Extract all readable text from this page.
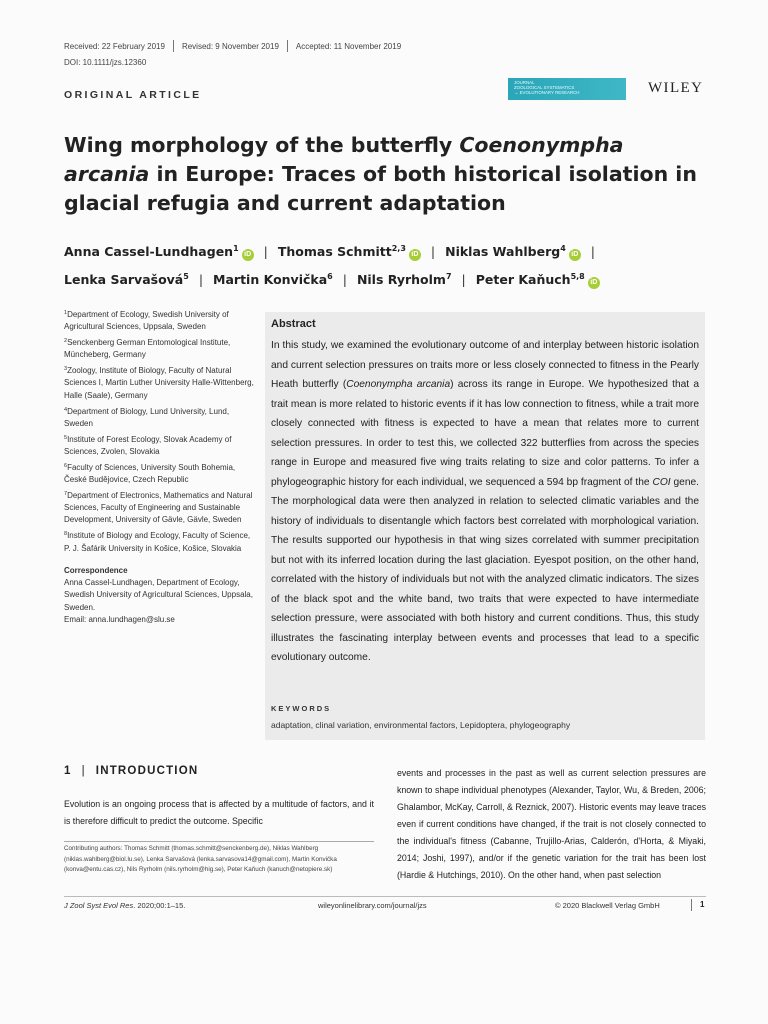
Received: 22 February 2019 Revised: 9 November 2019 Accepted: 11 November 2019
DOI: 10.1111/jzs.12360
ORIGINAL ARTICLE
JOURNAL
ZOOLOGICAL SYSTEMATICS
→ EVOLUTIONARY RESEARCH	WILEY
Wing morphology of the butterfly Coenonympha arcania in Europe: Traces of both historical isolation in glacial refugia and current adaptation
Anna Cassel-Lundhagen$^1$iD | Thomas Schmitt$^{2,3}$iD | Niklas Wahlberg$^4$iD |
Lenka Sarvašová$^5$ | Martin Konvička$^6$ | Nils Ryrholm$^7$ | Peter Kaňuch$^{5,8}$iD
$^1$Department of Ecology, Swedish University of Agricultural Sciences, Uppsala, Sweden
$^2$Senckenberg German Entomological Institute, Müncheberg, Germany
$^3$Zoology, Institute of Biology, Faculty of Natural Sciences I, Martin Luther University Halle-Wittenberg, Halle (Saale), Germany
$^4$Department of Biology, Lund University, Lund, Sweden
$^5$Institute of Forest Ecology, Slovak Academy of Sciences, Zvolen, Slovakia
$^6$Faculty of Sciences, University South Bohemia, České Budějovice, Czech Republic
$^7$Department of Electronics, Mathematics and Natural Sciences, Faculty of Engineering and Sustainable Development, University of Gävle, Gävle, Sweden
$^8$Institute of Biology and Ecology, Faculty of Science, P. J. Šafárik University in Košice, Košice, Slovakia
Correspondence
Anna Cassel-Lundhagen, Department of Ecology, Swedish University of Agricultural Sciences, Uppsala, Sweden.
Email: anna.lundhagen@slu.se
Abstract
In this study, we examined the evolutionary outcome of and interplay between historic isolation and current selection pressures on traits more or less closely connected to fitness in the Pearly Heath butterfly (Coenonympha arcania) across its range in Europe. We hypothesized that a trait mean is more related to historic events if it has low connection to fitness, while a trait more closely connected with fitness is expected to have a mean that relates more to current selection pressures. In order to test this, we collected 322 butterflies from across the species range in Europe and measured five wing traits relating to size and color patterns. To infer a phylogeographic history for each individual, we sequenced a 594 bp fragment of the COI gene. The morphological data were then analyzed in relation to selected climatic variables and the history of individuals to disentangle which factors best correlated with morphological variation. The results supported our hypothesis in that wing sizes correlated with summer precipitation but not with its inferred location during the last glaciation. Eyespot position, on the other hand, correlated with the history of individuals but not with the analyzed climatic indicators. The sizes of the black spot and the white band, two traits that were expected to have intermediate selection pressure, were associated with both history and current conditions. Thus, this study illustrates the fascinating interplay between events and processes that lead to a specific evolutionary outcome.
KEYWORDS
adaptation, clinal variation, environmental factors, Lepidoptera, phylogeography
1 | INTRODUCTION
Evolution is an ongoing process that is affected by a multitude of factors, and it is therefore difficult to predict the outcome. Specific
Contributing authors: Thomas Schmitt (thomas.schmitt@senckenberg.de), Niklas Wahlberg (niklas.wahlberg@biol.lu.se), Lenka Sarvašová (lenka.sarvasova14@gmail.com), Martin Konvička (konva@entu.cas.cz), Nils Ryrholm (nils.ryrholm@hig.se), Peter Kaňuch (kanuch@netopiere.sk)
events and processes in the past as well as current selection pressures are known to shape individual phenotypes (Alexander, Taylor, Wu, & Breden, 2006; Ghalambor, McKay, Carroll, & Reznick, 2007). Historic events may leave traces even if current conditions have changed, if the trait is not closely connected to the individual's fitness (Cabanne, Trujillo-Arias, Calderón, d'Horta, & Miyaki, 2014; Joshi, 1997), and/or if the genetic variation for the trait has been lost (Hardie & Hutchings, 2010). On the other hand, when past selection
J Zool Syst Evol Res. 2020;00:1–15.	wileyonlinelibrary.com/journal/jzs	© 2020 Blackwell Verlag GmbH	1
